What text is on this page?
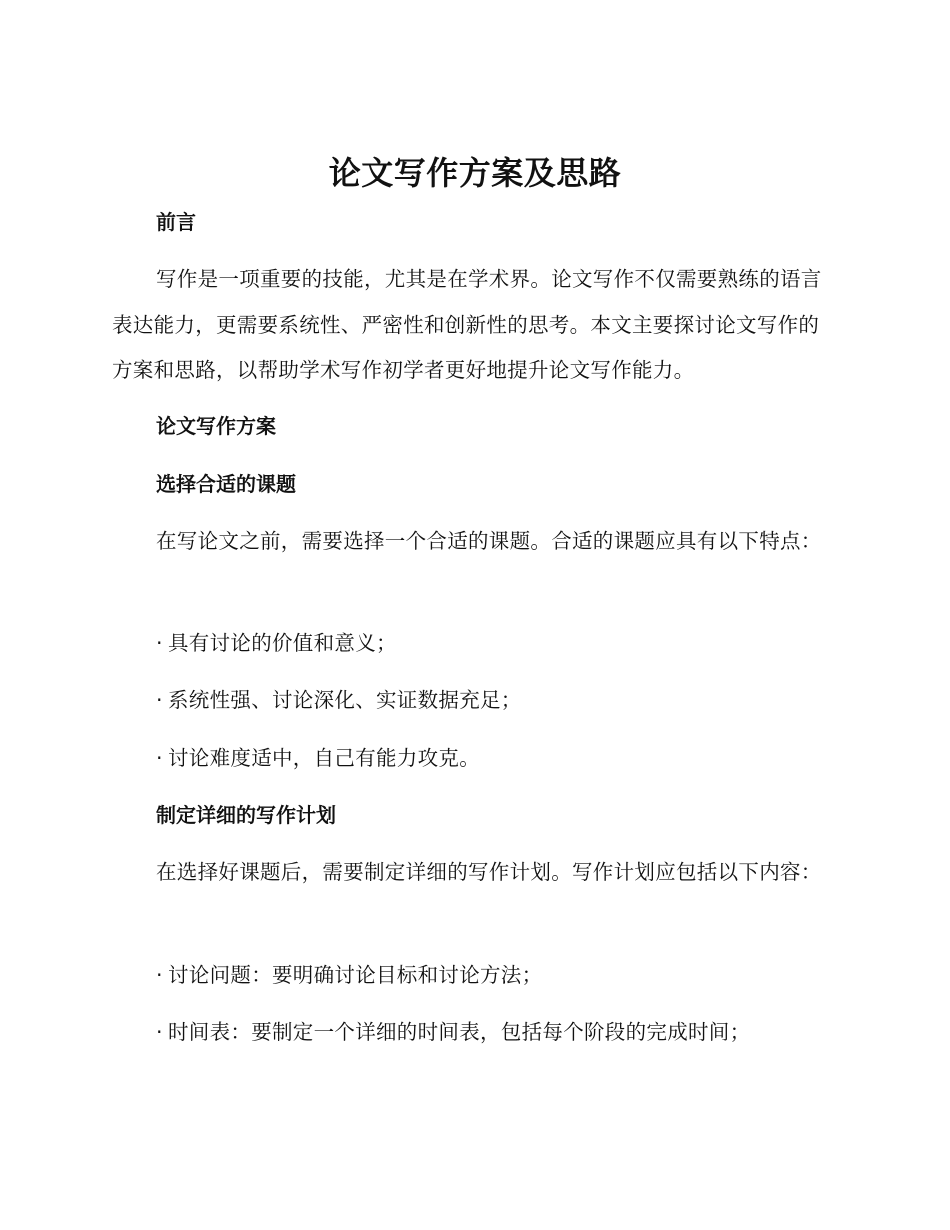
论文写作方案及思路
前言
写作是一项重要的技能，尤其是在学术界。论文写作不仅需要熟练的语言表达能力，更需要系统性、严密性和创新性的思考。本文主要探讨论文写作的方案和思路，以帮助学术写作初学者更好地提升论文写作能力。
论文写作方案
选择合适的课题
在写论文之前，需要选择一个合适的课题。合适的课题应具有以下特点：
· 具有讨论的价值和意义；
· 系统性强、讨论深化、实证数据充足；
· 讨论难度适中，自己有能力攻克。
制定详细的写作计划
在选择好课题后，需要制定详细的写作计划。写作计划应包括以下内容：
· 讨论问题：要明确讨论目标和讨论方法；
· 时间表：要制定一个详细的时间表，包括每个阶段的完成时间；
